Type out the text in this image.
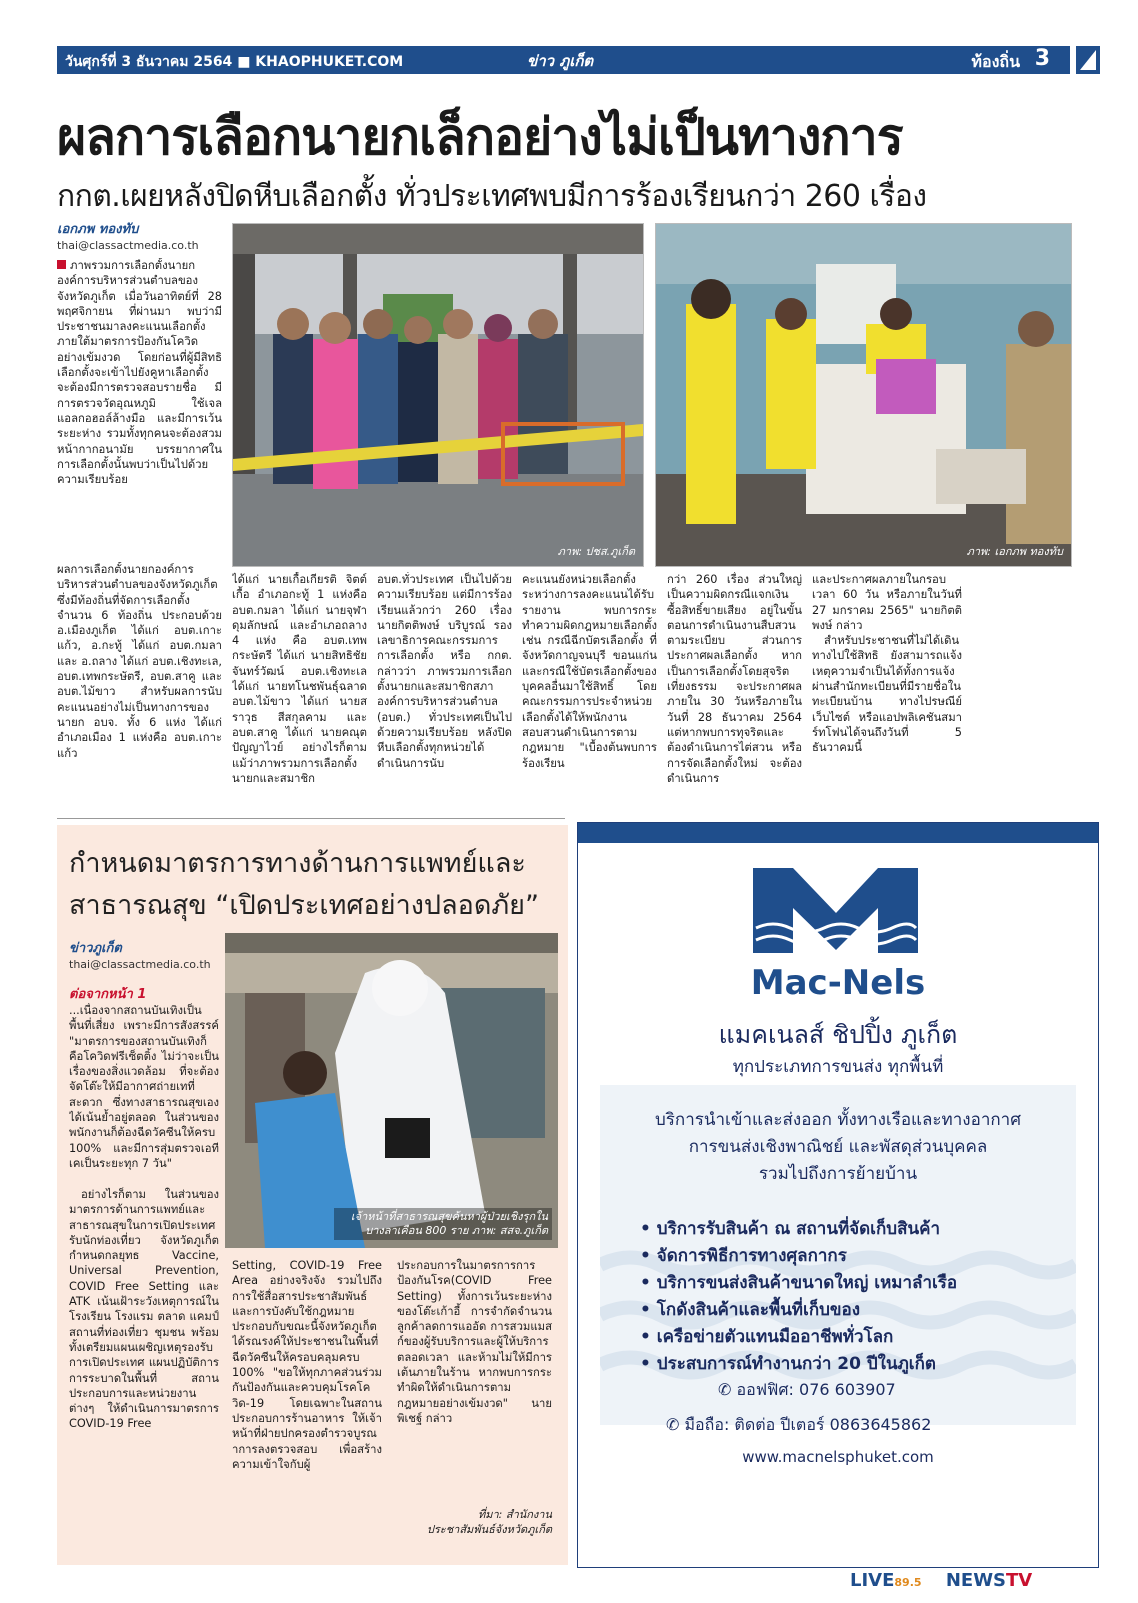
วันศุกร์ที่ 3 ธันวาคม 2564 ■ KHAOPHUKET.COM	ข่าว ภูเก็ต	ท้องถิ่น 3
ผลการเลือกนายกเล็กอย่างไม่เป็นทางการ
กกต.เผยหลังปิดหีบเลือกตั้ง ทั่วประเทศพบมีการร้องเรียนกว่า 260 เรื่อง
เอกภพ ทองทับ
thai@classactmedia.co.th

ภาพรวมการเลือกตั้งนายกองค์การบริหารส่วนตำบลของจังหวัดภูเก็ต เมื่อวันอาทิตย์ที่ 28 พฤศจิกายน ที่ผ่านมา พบว่ามีประชาชนมาลงคะแนนเลือกตั้ง ภายใต้มาตรการป้องกันโควิดอย่างเข้มงวด โดยก่อนที่ผู้มีสิทธิเลือกตั้งจะเข้าไปยังคูหาเลือกตั้ง จะต้องมีการตรวจสอบรายชื่อ มีการตรวจวัดอุณหภูมิ ใช้เจลแอลกอฮอล์ล้างมือ และมีการเว้นระยะห่าง รวมทั้งทุกคนจะต้องสวมหน้ากากอนามัย บรรยากาศในการเลือกตั้งนั้นพบว่าเป็นไปด้วยความเรียบร้อย

ผลการเลือกตั้งนายกองค์การบริหารส่วนตำบลของจังหวัดภูเก็ต ซึ่งมีท้องถิ่นที่จัดการเลือกตั้งจำนวน 6 ท้องถิ่น ประกอบด้วย อ.เมืองภูเก็ต ได้แก่ อบต.เกาะแก้ว, อ.กะทู้ ได้แก่ อบต.กมลา และ อ.ถลาง ได้แก่ อบต.เชิงทะเล, อบต.เทพกระษัตรี, อบต.สาคู และ อบต.ไม้ขาว สำหรับผลการนับคะแนนอย่างไม่เป็นทางการของนายก อบจ. ทั้ง 6 แห่ง ได้แก่ อำเภอเมือง 1 แห่งคือ อบต.เกาะแก้ว
ภาพ: ปชส.ภูเก็ต	ภาพ: เอกภพ ทองทับ
ได้แก่ นายเกื้อเกียรติ จิตต์เกื้อ อำเภอกะทู้ 1 แห่งคือ อบต.กมลา ได้แก่ นายจุฬา ดุมลักษณ์ และอำเภอถลาง 4 แห่ง คือ อบต.เทพกระษัตรี ได้แก่ นายสิทธิชัย จันทร์วัฒน์ อบต.เชิงทะเล ได้แก่ นายทโนชพันธุ์ฉลาดอบต.ไม้ขาว ได้แก่ นายสราวุธ สีสกุลคาม และอบต.สาคู ได้แก่ นายคณุต ปัญญาไวย์ อย่างไรก็ตาม แม้ว่าภาพรวมการเลือกตั้งนายกและสมาชิก
อบต.ทั่วประเทศ เป็นไปด้วยความเรียบร้อย แต่มีการร้องเรียนแล้วกว่า 260 เรื่อง นายกิตติพงษ์ บริบูรณ์ รองเลขาธิการคณะกรรมการการเลือกตั้ง หรือ กกต. กล่าวว่า ภาพรวมการเลือกตั้งนายกและสมาชิกสภาองค์การบริหารส่วนตำบล (อบต.) ทั่วประเทศเป็นไปด้วยความเรียบร้อย หลังปิดหีบเลือกตั้งทุกหน่วยได้ดำเนินการนับ
คะแนนยังหน่วยเลือกตั้ง ระหว่างการลงคะแนนได้รับรายงาน พบการกระทำความผิดกฎหมายเลือกตั้ง เช่น กรณีฉีกบัตรเลือกตั้ง ที่จังหวัดกาญจนบุรี ขอนแก่น และกรณีใช้บัตรเลือกตั้งของบุคคลอื่นมาใช้สิทธิ์ โดยคณะกรรมการประจำหน่วยเลือกตั้งได้ให้พนักงานสอบสวนดำเนินการตามกฎหมาย "เบื้องต้นพบการร้องเรียน
กว่า 260 เรื่อง ส่วนใหญ่เป็นความผิดกรณีแจกเงิน ซื้อสิทธิ์ขายเสียง อยู่ในขั้นตอนการดำเนินงานสืบสวนตามระเบียบ ส่วนการประกาศผลเลือกตั้ง หากเป็นการเลือกตั้งโดยสุจริตเที่ยงธรรม จะประกาศผลภายใน 30 วันหรือภายในวันที่ 28 ธันวาคม 2564 แต่หากพบการทุจริตและต้องดำเนินการไต่สวน หรือการจัดเลือกตั้งใหม่ จะต้องดำเนินการ

และประกาศผลภายในกรอบเวลา 60 วัน หรือภายในวันที่ 27 มกราคม 2565" นายกิตติพงษ์ กล่าว

สำหรับประชาชนที่ไม่ได้เดินทางไปใช้สิทธิ ยังสามารถแจ้งเหตุความจำเป็นได้ทั้งการแจ้งผ่านสำนักทะเบียนที่มีรายชื่อในทะเบียนบ้าน ทางไปรษณีย์ เว็บไซต์ หรือแอปพลิเคชันสมาร์ทโฟนได้จนถึงวันที่ 5 ธันวาคมนี้

กำหนดมาตรการทางด้านการแพทย์และ
สาธารณสุข “เปิดประเทศอย่างปลอดภัย”
ข่าวภูเก็ต
thai@classactmedia.co.th
ต่อจากหน้า 1
...เนื่องจากสถานบันเทิงเป็นพื้นที่เสี่ยง เพราะมีการสังสรรค์ "มาตรการของสถานบันเทิงก็คือโควิดฟรีเซ็ตติ้ง ไม่ว่าจะเป็นเรื่องของสิ่งแวดล้อม ที่จะต้องจัดโต๊ะให้มีอากาศถ่ายเทที่สะดวก ซึ่งทางสาธารณสุขเองได้เน้นย้ำอยู่ตลอด ในส่วนของพนักงานก็ต้องฉีดวัคซีนให้ครบ 100% และมีการสุ่มตรวจเอทีเคเป็นระยะทุก 7 วัน"
อย่างไรก็ตาม ในส่วนของมาตรการด้านการแพทย์และสาธารณสุขในการเปิดประเทศรับนักท่องเที่ยว จังหวัดภูเก็ต กำหนดกลยุทธ Vaccine, Universal Prevention, COVID Free Setting และ ATK เน้นเฝ้าระวังเหตุการณ์ในโรงเรียน โรงแรม ตลาด แคมป์ สถานที่ท่องเที่ยว ชุมชน พร้อมทั้งเตรียมแผนเผชิญเหตุรองรับการเปิดประเทศ แผนปฏิบัติการการระบาดในพื้นที่ สถานประกอบการและหน่วยงานต่างๆ ให้ดำเนินการมาตรการ COVID-19 Free
เจ้าหน้าที่สาธารณสุขค้นหาผู้ป่วยเชิงรุกใน
บางลาเคือน 800 ราย ภาพ: สสจ.ภูเก็ต
Setting, COVID-19 Free Area อย่างจริงจัง รวมไปถึงการใช้สื่อสารประชาสัมพันธ์และการบังคับใช้กฎหมาย ประกอบกับขณะนี้จังหวัดภูเก็ตได้รณรงค์ให้ประชาชนในพื้นที่ฉีดวัคซีนให้ครอบคลุมครบ 100% "ขอให้ทุกภาคส่วนร่วมกันป้องกันและควบคุมโรคโควิด-19 โดยเฉพาะในสถานประกอบการร้านอาหาร ให้เจ้าหน้าที่ฝ่ายปกครองตำรวจบูรณาการลงตรวจสอบ เพื่อสร้างความเข้าใจกับผู้
ประกอบการในมาตรการการป้องกันโรค(COVID Free Setting) ทั้งการเว้นระยะห่างของโต๊ะเก้าอี้ การจำกัดจำนวนลูกค้าลดการแออัด การสวมแมสก์ของผู้รับบริการและผู้ให้บริการตลอดเวลา และห้ามไม่ให้มีการเต้นภายในร้าน หากพบการกระทำผิดให้ดำเนินการตามกฎหมายอย่างเข้มงวด" นายพิเชฐ์ กล่าว
ที่มา: สำนักงาน
ประชาสัมพันธ์จังหวัดภูเก็ต
Mac-Nels
แมคเนลส์ ชิปปิ้ง ภูเก็ต
ทุกประเภทการขนส่ง ทุกพื้นที่
บริการนำเข้าและส่งออก ทั้งทางเรือและทางอากาศ
การขนส่งเชิงพาณิชย์ และพัสดุส่วนบุคคล
รวมไปถึงการย้ายบ้าน
• บริการรับสินค้า ณ สถานที่จัดเก็บสินค้า
• จัดการพิธีการทางศุลกากร
• บริการขนส่งสินค้าขนาดใหญ่ เหมาลำเรือ
• โกดังสินค้าและพื้นที่เก็บของ
• เครือข่ายตัวแทนมืออาชีพทั่วโลก
• ประสบการณ์ทำงานกว่า 20 ปีในภูเก็ต
✆ ออฟฟิศ: 076 603907
✆ มือถือ: ติดต่อ ปีเตอร์ 0863645862
www.macnelsphuket.com
LIVE89.5 NEWSTV
